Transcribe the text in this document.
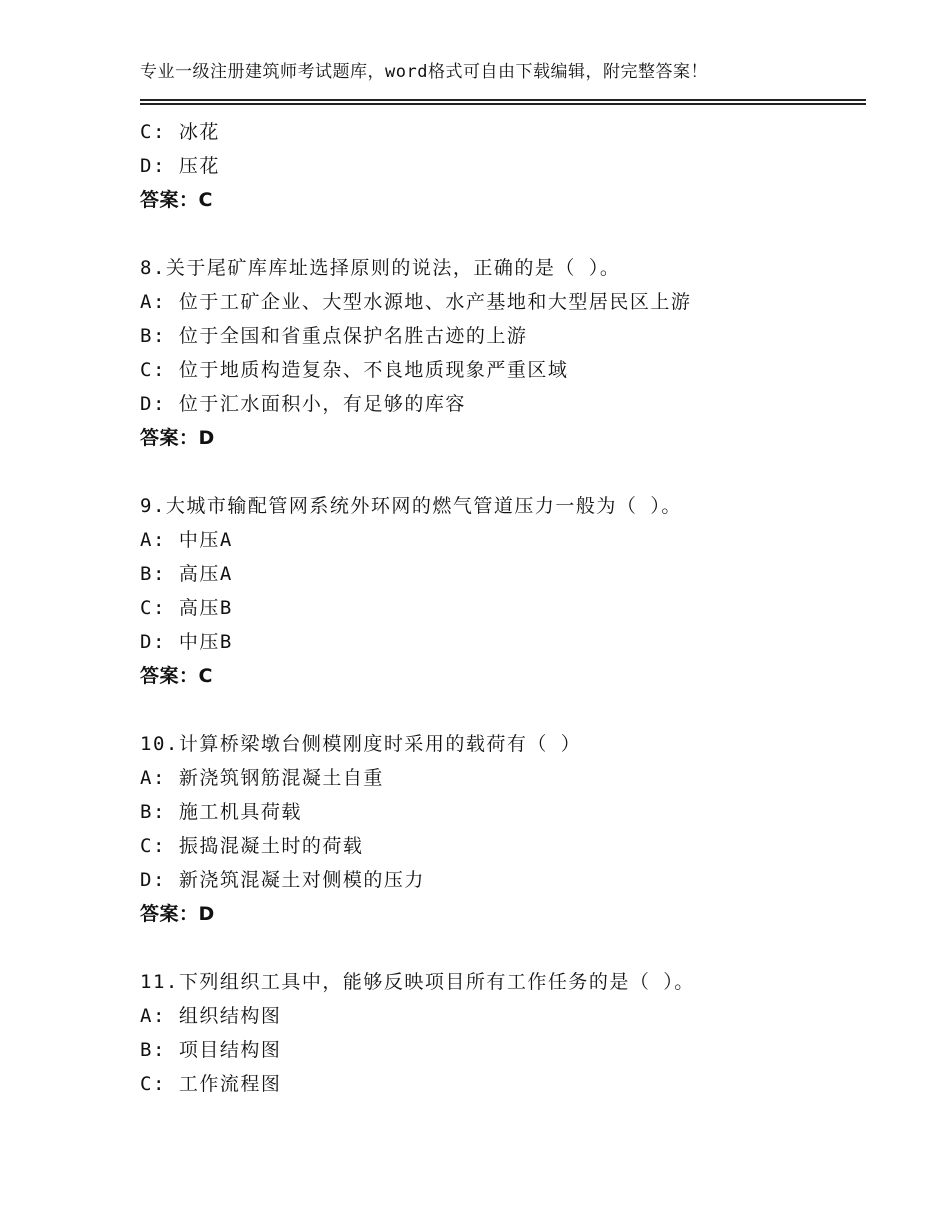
专业一级注册建筑师考试题库，word格式可自由下载编辑，附完整答案！
C: 冰花
D: 压花
答案：C
8.关于尾矿库库址选择原则的说法，正确的是（ ）。
A: 位于工矿企业、大型水源地、水产基地和大型居民区上游
B: 位于全国和省重点保护名胜古迹的上游
C: 位于地质构造复杂、不良地质现象严重区域
D: 位于汇水面积小，有足够的库容
答案：D
9.大城市输配管网系统外环网的燃气管道压力一般为（ ）。
A: 中压A
B: 高压A
C: 高压B
D: 中压B
答案：C
10.计算桥梁墩台侧模刚度时采用的载荷有（ ）
A: 新浇筑钢筋混凝土自重
B: 施工机具荷载
C: 振捣混凝土时的荷载
D: 新浇筑混凝土对侧模的压力
答案：D
11.下列组织工具中，能够反映项目所有工作任务的是（ ）。
A: 组织结构图
B: 项目结构图
C: 工作流程图
